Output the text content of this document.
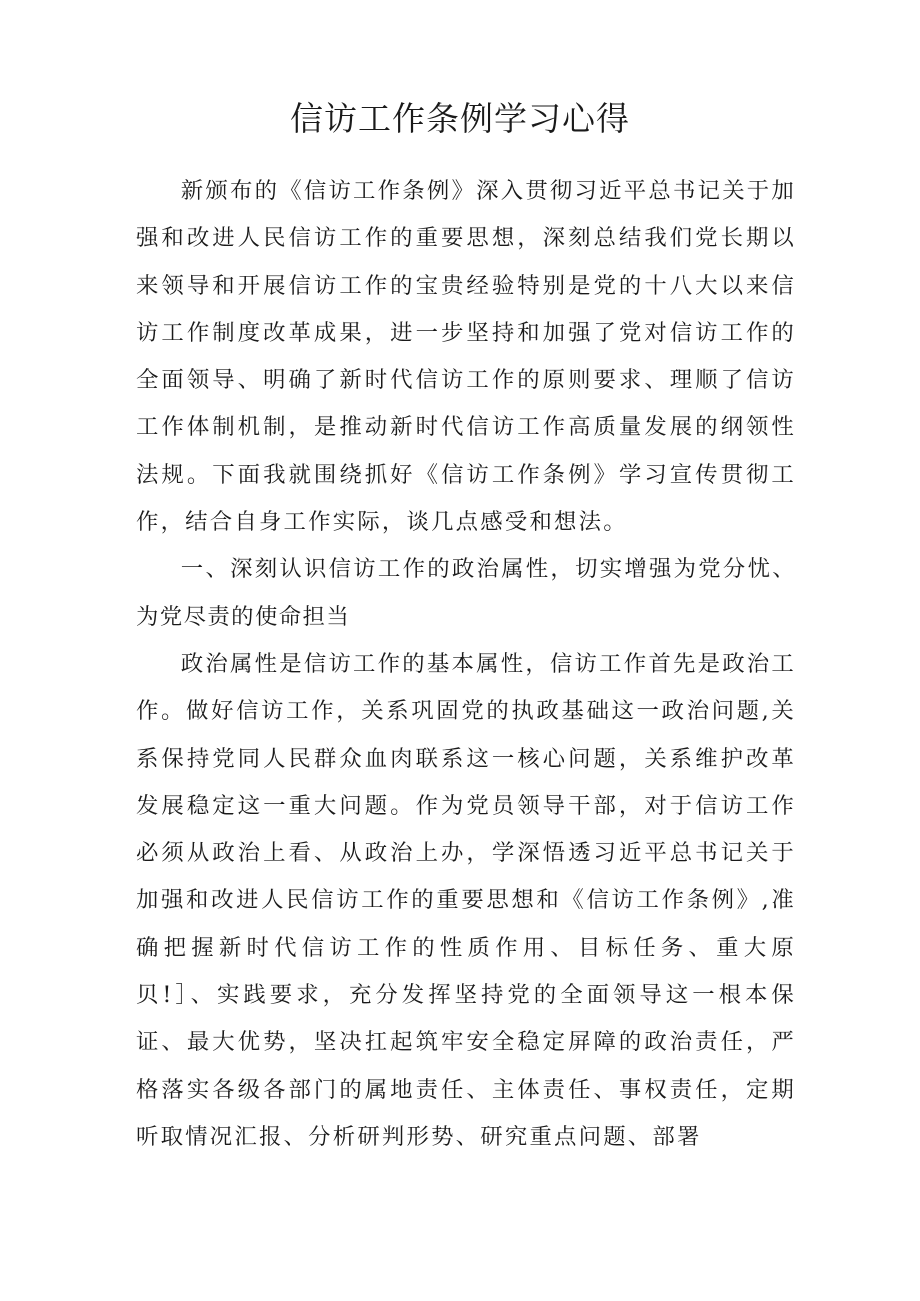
信访工作条例学习心得

新颁布的《信访工作条例》深入贯彻习近平总书记关于加强和改进人民信访工作的重要思想，深刻总结我们党长期以来领导和开展信访工作的宝贵经验特别是党的十八大以来信访工作制度改革成果，进一步坚持和加强了党对信访工作的全面领导、明确了新时代信访工作的原则要求、理顺了信访工作体制机制，是推动新时代信访工作高质量发展的纲领性法规。下面我就围绕抓好《信访工作条例》学习宣传贯彻工作，结合自身工作实际，谈几点感受和想法。

一、深刻认识信访工作的政治属性，切实增强为党分忧、为党尽责的使命担当

政治属性是信访工作的基本属性，信访工作首先是政治工作。做好信访工作，关系巩固党的执政基础这一政治问题,关系保持党同人民群众血肉联系这一核心问题，关系维护改革发展稳定这一重大问题。作为党员领导干部，对于信访工作必须从政治上看、从政治上办，学深悟透习近平总书记关于加强和改进人民信访工作的重要思想和《信访工作条例》,准确把握新时代信访工作的性质作用、目标任务、重大原贝!］、实践要求，充分发挥坚持党的全面领导这一根本保证、最大优势，坚决扛起筑牢安全稳定屏障的政治责任，严格落实各级各部门的属地责任、主体责任、事权责任，定期听取情况汇报、分析研判形势、研究重点问题、部署
